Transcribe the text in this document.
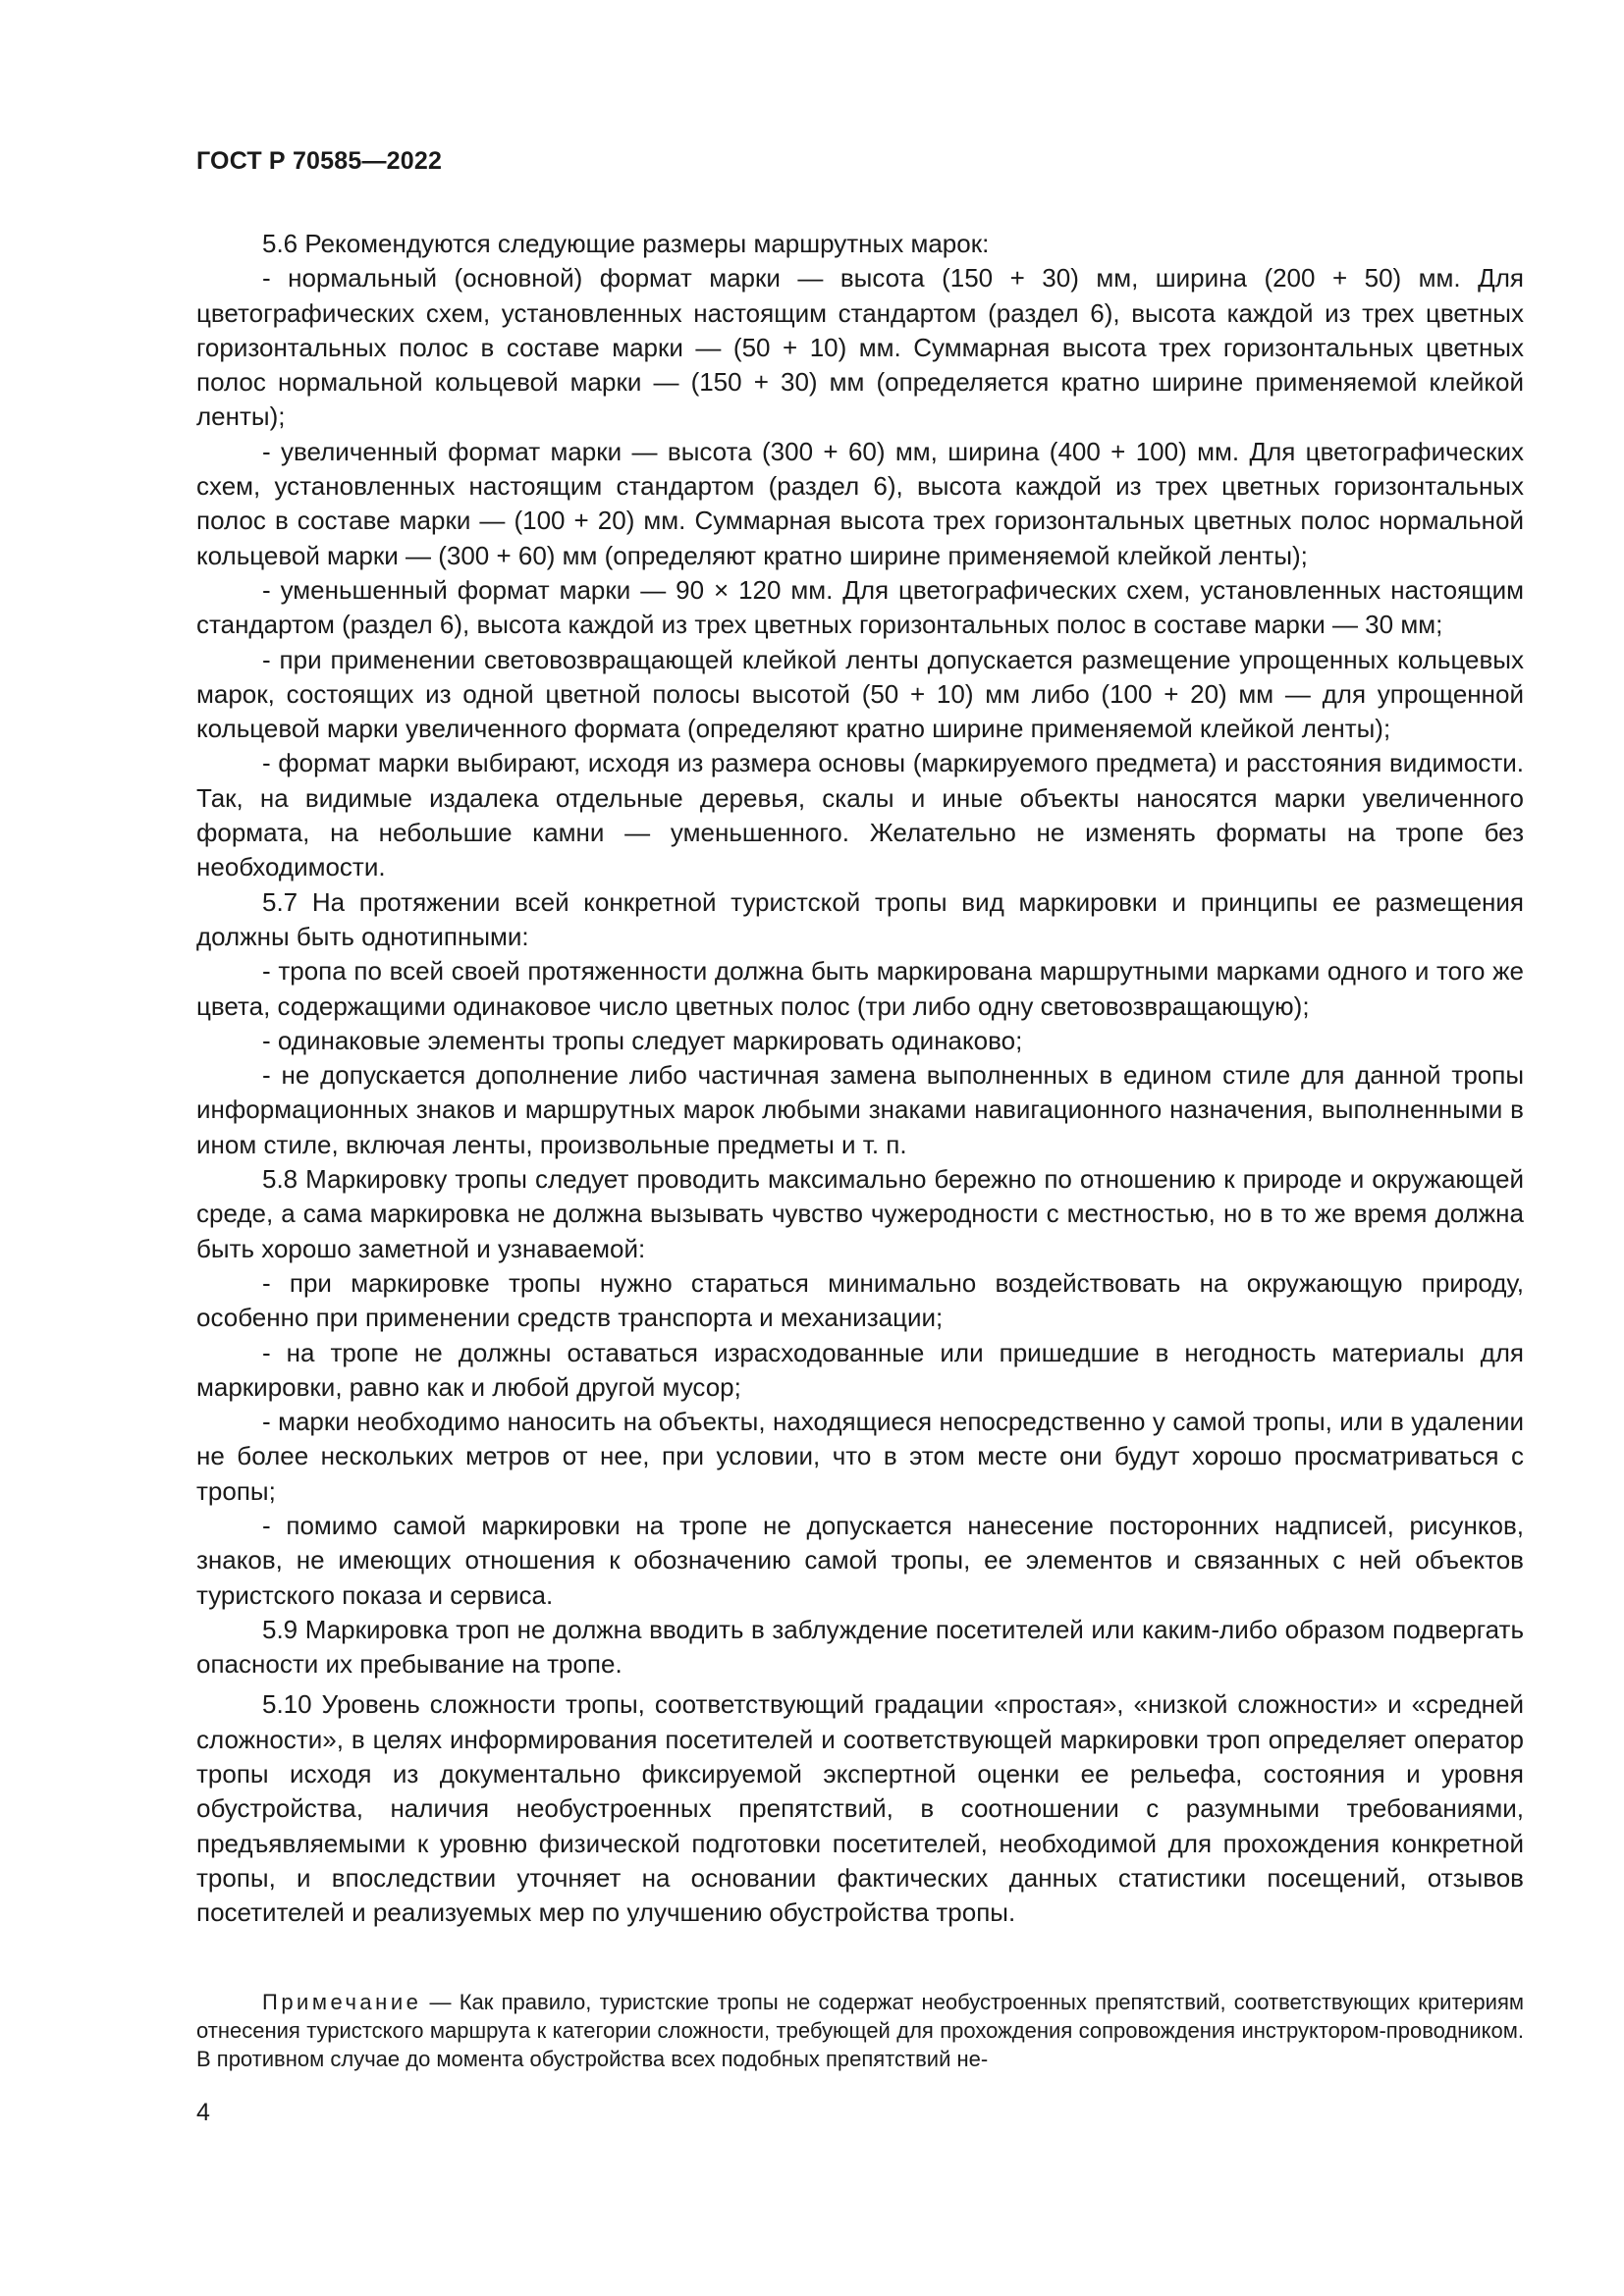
ГОСТ Р 70585—2022

5.6 Рекомендуются следующие размеры маршрутных марок:

- нормальный (основной) формат марки — высота (150 + 30) мм, ширина (200 + 50) мм. Для цветографических схем, установленных настоящим стандартом (раздел 6), высота каждой из трех цветных горизонтальных полос в составе марки — (50 + 10) мм. Суммарная высота трех горизонтальных цветных полос нормальной кольцевой марки — (150 + 30) мм (определяется кратно ширине применяемой клейкой ленты);

- увеличенный формат марки — высота (300 + 60) мм, ширина (400 + 100) мм. Для цветографических схем, установленных настоящим стандартом (раздел 6), высота каждой из трех цветных горизонтальных полос в составе марки — (100 + 20) мм. Суммарная высота трех горизонтальных цветных полос нормальной кольцевой марки — (300 + 60) мм (определяют кратно ширине применяемой клейкой ленты);

- уменьшенный формат марки — 90 × 120 мм. Для цветографических схем, установленных настоящим стандартом (раздел 6), высота каждой из трех цветных горизонтальных полос в составе марки — 30 мм;

- при применении световозвращающей клейкой ленты допускается размещение упрощенных кольцевых марок, состоящих из одной цветной полосы высотой (50 + 10) мм либо (100 + 20) мм — для упрощенной кольцевой марки увеличенного формата (определяют кратно ширине применяемой клейкой ленты);

- формат марки выбирают, исходя из размера основы (маркируемого предмета) и расстояния видимости. Так, на видимые издалека отдельные деревья, скалы и иные объекты наносятся марки увеличенного формата, на небольшие камни — уменьшенного. Желательно не изменять форматы на тропе без необходимости.

5.7 На протяжении всей конкретной туристской тропы вид маркировки и принципы ее размещения должны быть однотипными:

- тропа по всей своей протяженности должна быть маркирована маршрутными марками одного и того же цвета, содержащими одинаковое число цветных полос (три либо одну световозвращающую);

- одинаковые элементы тропы следует маркировать одинаково;

- не допускается дополнение либо частичная замена выполненных в едином стиле для данной тропы информационных знаков и маршрутных марок любыми знаками навигационного назначения, выполненными в ином стиле, включая ленты, произвольные предметы и т. п.

5.8 Маркировку тропы следует проводить максимально бережно по отношению к природе и окружающей среде, а сама маркировка не должна вызывать чувство чужеродности с местностью, но в то же время должна быть хорошо заметной и узнаваемой:

- при маркировке тропы нужно стараться минимально воздействовать на окружающую природу, особенно при применении средств транспорта и механизации;

- на тропе не должны оставаться израсходованные или пришедшие в негодность материалы для маркировки, равно как и любой другой мусор;

- марки необходимо наносить на объекты, находящиеся непосредственно у самой тропы, или в удалении не более нескольких метров от нее, при условии, что в этом месте они будут хорошо просматриваться с тропы;

- помимо самой маркировки на тропе не допускается нанесение посторонних надписей, рисунков, знаков, не имеющих отношения к обозначению самой тропы, ее элементов и связанных с ней объектов туристского показа и сервиса.

5.9 Маркировка троп не должна вводить в заблуждение посетителей или каким-либо образом подвергать опасности их пребывание на тропе.

5.10 Уровень сложности тропы, соответствующий градации «простая», «низкой сложности» и «средней сложности», в целях информирования посетителей и соответствующей маркировки троп определяет оператор тропы исходя из документально фиксируемой экспертной оценки ее рельефа, состояния и уровня обустройства, наличия необустроенных препятствий, в соотношении с разумными требованиями, предъявляемыми к уровню физической подготовки посетителей, необходимой для прохождения конкретной тропы, и впоследствии уточняет на основании фактических данных статистики посещений, отзывов посетителей и реализуемых мер по улучшению обустройства тропы.

Примечание — Как правило, туристские тропы не содержат необустроенных препятствий, соответствующих критериям отнесения туристского маршрута к категории сложности, требующей для прохождения сопровождения инструктором-проводником. В противном случае до момента обустройства всех подобных препятствий не-
4
